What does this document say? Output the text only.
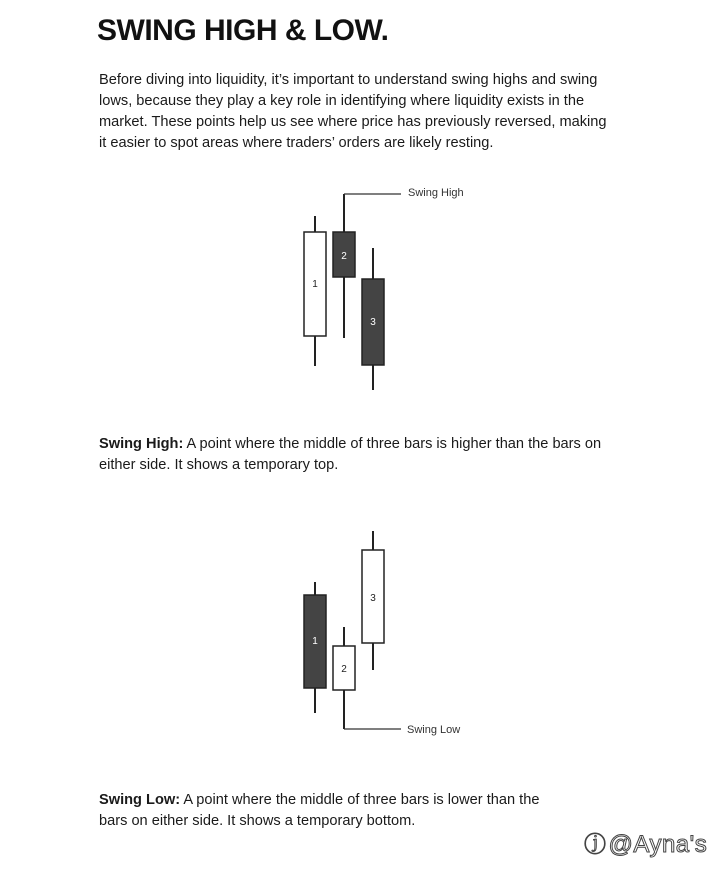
SWING HIGH & LOW.

Before diving into liquidity, it’s important to understand swing highs and swing lows, because they play a key role in identifying where liquidity exists in the market. These points help us see where price has previously reversed, making it easier to spot areas where traders’ orders are likely resting.

1
2
3
Swing High

Swing High: A point where the middle of three bars is higher than the bars on either side. It shows a temporary top.

1
2
3
Swing Low

Swing Low: A point where the middle of three bars is lower than the bars on either side. It shows a temporary bottom.

ⓙ@Ayna's
